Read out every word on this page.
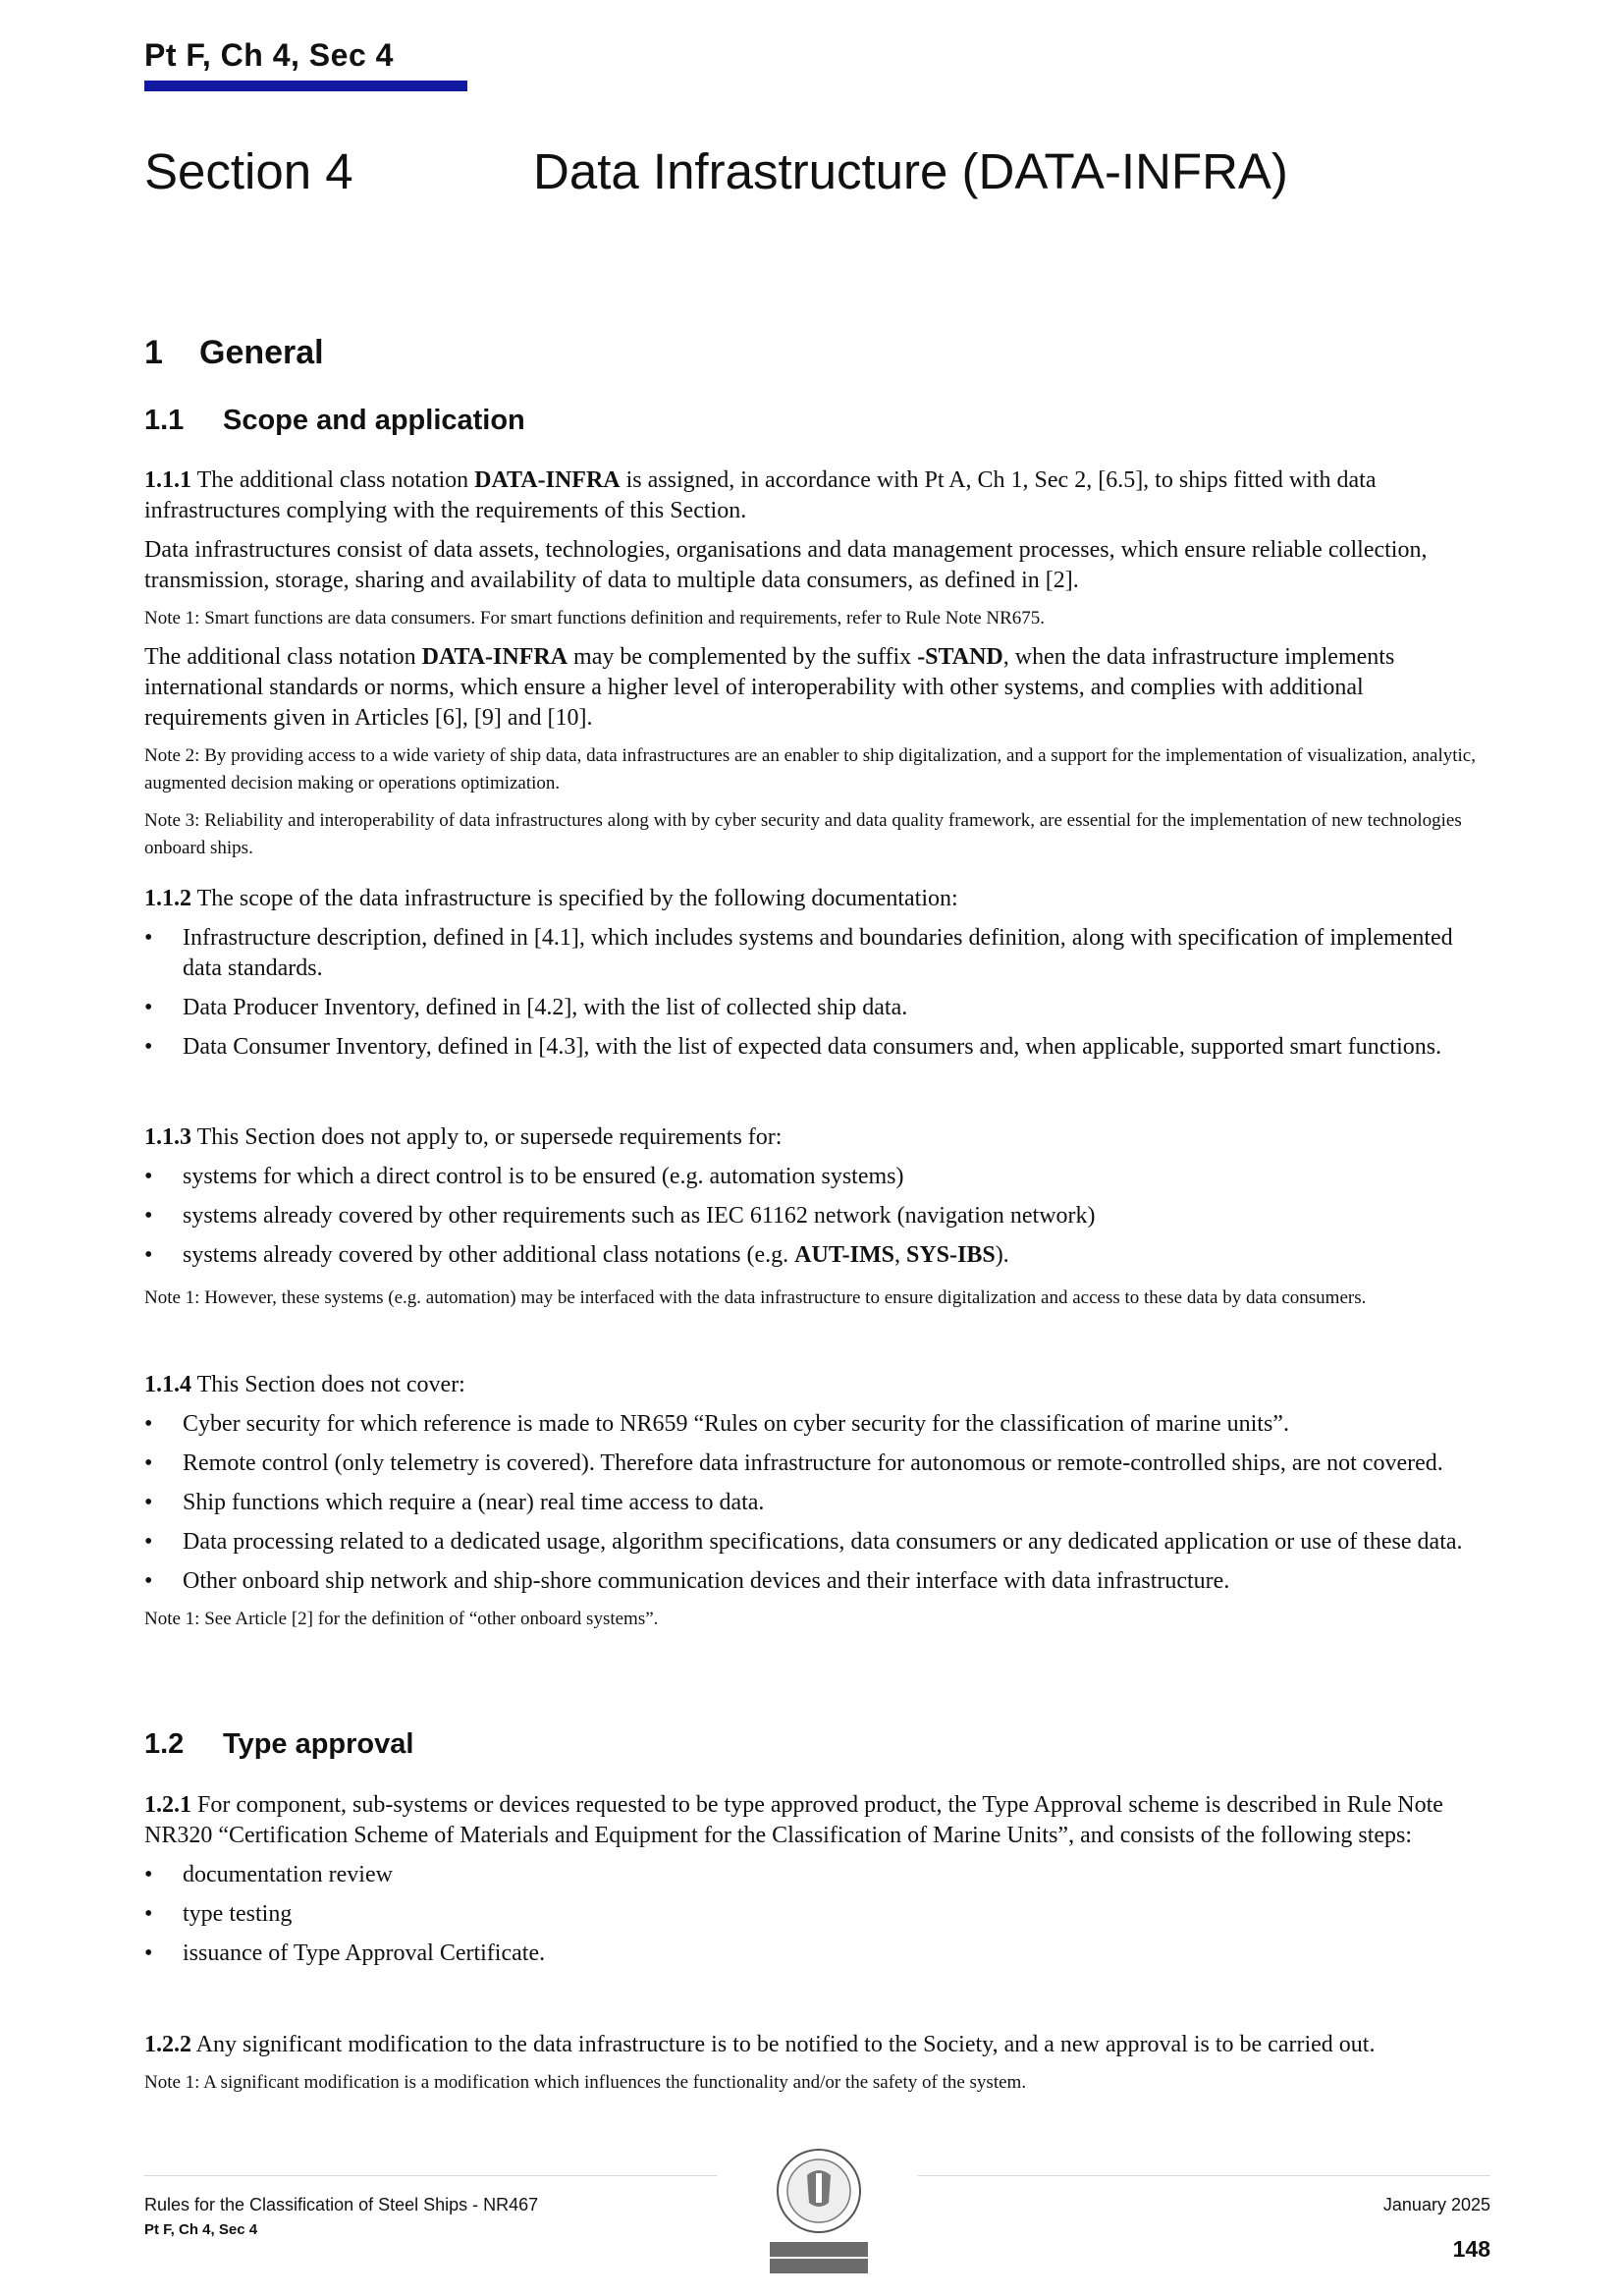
Pt F, Ch 4, Sec 4
Section 4	Data Infrastructure (DATA-INFRA)
1 General
1.1 Scope and application

1.1.1 The additional class notation DATA-INFRA is assigned, in accordance with Pt A, Ch 1, Sec 2, [6.5], to ships fitted with data infrastructures complying with the requirements of this Section.

Data infrastructures consist of data assets, technologies, organisations and data management processes, which ensure reliable collection, transmission, storage, sharing and availability of data to multiple data consumers, as defined in [2].

Note 1: Smart functions are data consumers. For smart functions definition and requirements, refer to Rule Note NR675.

The additional class notation DATA-INFRA may be complemented by the suffix -STAND, when the data infrastructure implements international standards or norms, which ensure a higher level of interoperability with other systems, and complies with additional requirements given in Articles [6], [9] and [10].

Note 2: By providing access to a wide variety of ship data, data infrastructures are an enabler to ship digitalization, and a support for the implementation of visualization, analytic, augmented decision making or operations optimization.

Note 3: Reliability and interoperability of data infrastructures along with by cyber security and data quality framework, are essential for the implementation of new technologies onboard ships.

1.1.2 The scope of the data infrastructure is specified by the following documentation:

• Infrastructure description, defined in [4.1], which includes systems and boundaries definition, along with specification of implemented data standards.
• Data Producer Inventory, defined in [4.2], with the list of collected ship data.
• Data Consumer Inventory, defined in [4.3], with the list of expected data consumers and, when applicable, supported smart functions.

1.1.3 This Section does not apply to, or supersede requirements for:

• systems for which a direct control is to be ensured (e.g. automation systems)
• systems already covered by other requirements such as IEC 61162 network (navigation network)
• systems already covered by other additional class notations (e.g. AUT-IMS, SYS-IBS).

Note 1: However, these systems (e.g. automation) may be interfaced with the data infrastructure to ensure digitalization and access to these data by data consumers.

1.1.4 This Section does not cover:

• Cyber security for which reference is made to NR659 “Rules on cyber security for the classification of marine units”.
• Remote control (only telemetry is covered). Therefore data infrastructure for autonomous or remote-controlled ships, are not covered.
• Ship functions which require a (near) real time access to data.
• Data processing related to a dedicated usage, algorithm specifications, data consumers or any dedicated application or use of these data.
• Other onboard ship network and ship-shore communication devices and their interface with data infrastructure.

Note 1: See Article [2] for the definition of “other onboard systems”.

1.2 Type approval

1.2.1 For component, sub-systems or devices requested to be type approved product, the Type Approval scheme is described in Rule Note NR320 “Certification Scheme of Materials and Equipment for the Classification of Marine Units”, and consists of the following steps:

• documentation review
• type testing
• issuance of Type Approval Certificate.

1.2.2 Any significant modification to the data infrastructure is to be notified to the Society, and a new approval is to be carried out.

Note 1: A significant modification is a modification which influences the functionality and/or the safety of the system.

Rules for the Classification of Steel Ships - NR467
Pt F, Ch 4, Sec 4
January 2025
148
